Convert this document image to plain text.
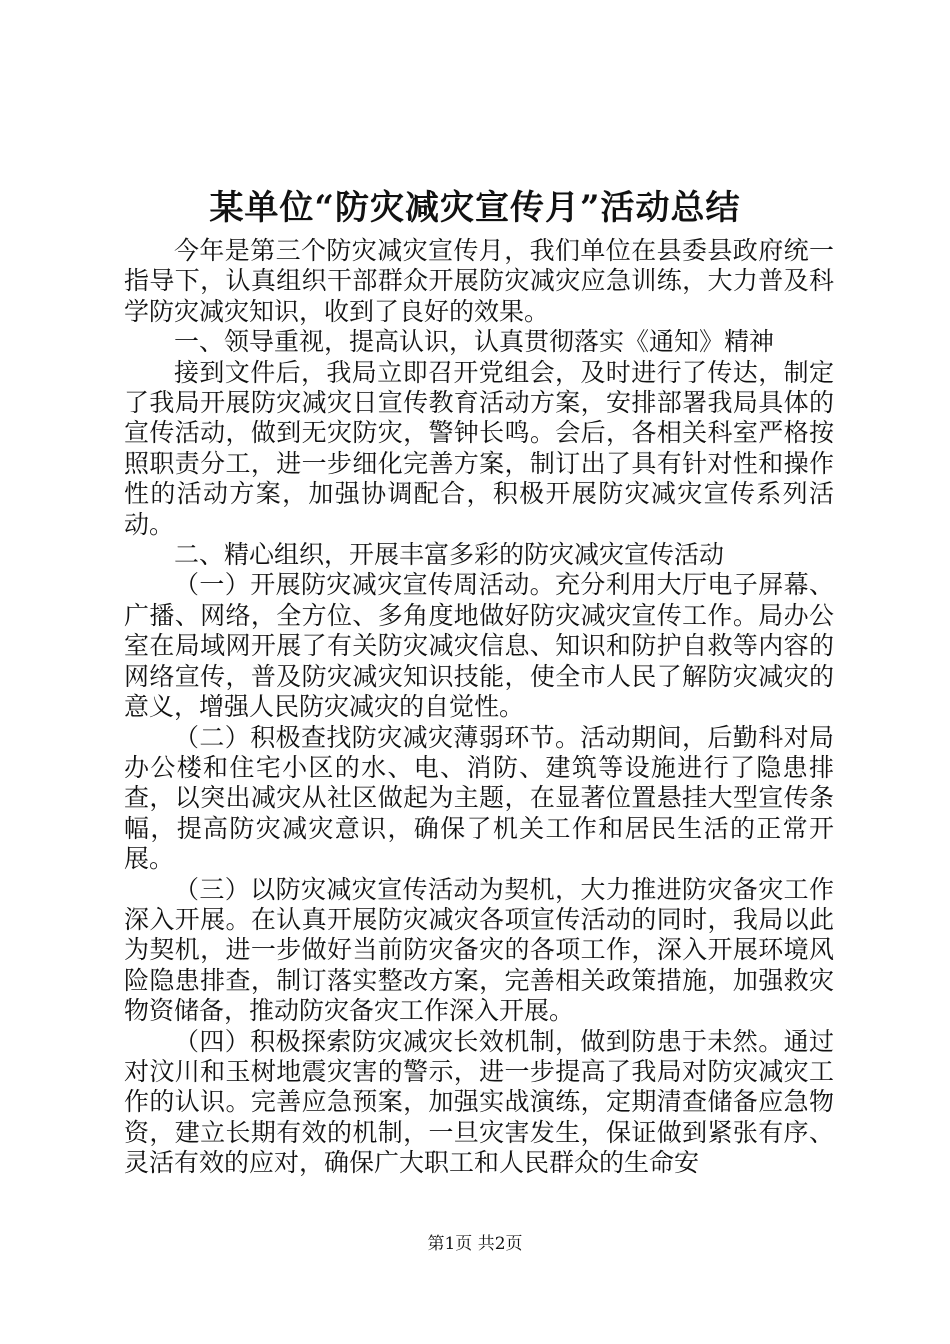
某单位“防灾减灾宣传月”活动总结

今年是第三个防灾减灾宣传月，我们单位在县委县政府统一指导下，认真组织干部群众开展防灾减灾应急训练，大力普及科学防灾减灾知识，收到了良好的效果。

一、领导重视，提高认识，认真贯彻落实《通知》精神

接到文件后，我局立即召开党组会，及时进行了传达，制定了我局开展防灾减灾日宣传教育活动方案，安排部署我局具体的宣传活动，做到无灾防灾，警钟长鸣。会后，各相关科室严格按照职责分工，进一步细化完善方案，制订出了具有针对性和操作性的活动方案，加强协调配合，积极开展防灾减灾宣传系列活动。

二、精心组织，开展丰富多彩的防灾减灾宣传活动

（一）开展防灾减灾宣传周活动。充分利用大厅电子屏幕、广播、网络，全方位、多角度地做好防灾减灾宣传工作。局办公室在局域网开展了有关防灾减灾信息、知识和防护自救等内容的网络宣传，普及防灾减灾知识技能，使全市人民了解防灾减灾的意义，增强人民防灾减灾的自觉性。

（二）积极查找防灾减灾薄弱环节。活动期间，后勤科对局办公楼和住宅小区的水、电、消防、建筑等设施进行了隐患排查，以突出减灾从社区做起为主题，在显著位置悬挂大型宣传条幅，提高防灾减灾意识，确保了机关工作和居民生活的正常开展。

（三）以防灾减灾宣传活动为契机，大力推进防灾备灾工作深入开展。在认真开展防灾减灾各项宣传活动的同时，我局以此为契机，进一步做好当前防灾备灾的各项工作，深入开展环境风险隐患排查，制订落实整改方案，完善相关政策措施，加强救灾物资储备，推动防灾备灾工作深入开展。

（四）积极探索防灾减灾长效机制，做到防患于未然。通过对汶川和玉树地震灾害的警示，进一步提高了我局对防灾减灾工作的认识。完善应急预案，加强实战演练，定期清查储备应急物资，建立长期有效的机制，一旦灾害发生，保证做到紧张有序、灵活有效的应对，确保广大职工和人民群众的生命安

第1页 共2页
